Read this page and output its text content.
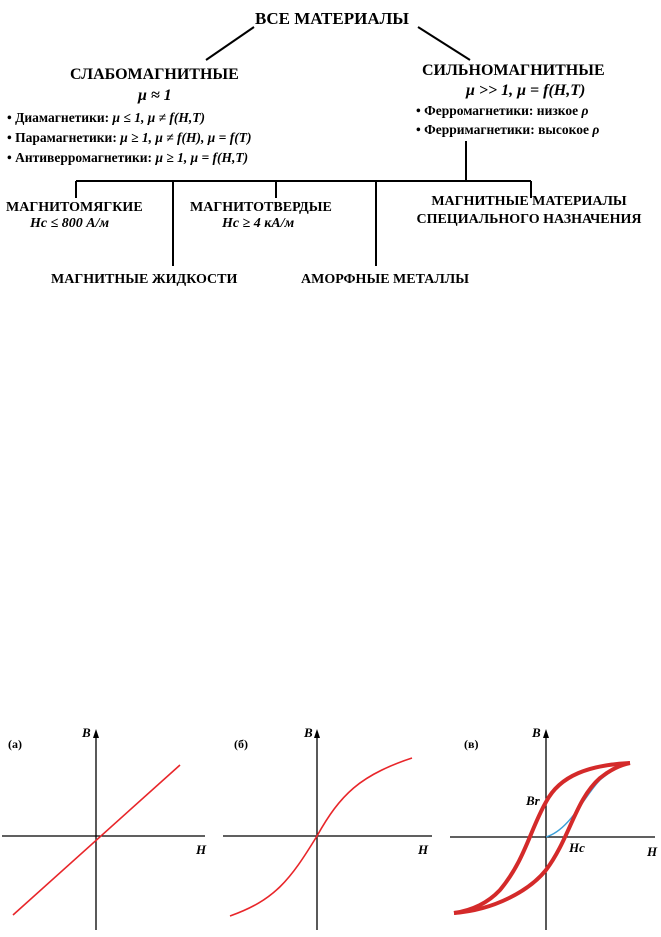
ВСЕ МАТЕРИАЛЫ
СЛАБОМАГНИТНЫЕ
μ ≈ 1
• Диамагнетики: μ ≤ 1, μ ≠ f(H,T)
• Парамагнетики: μ ≥ 1, μ ≠ f(H), μ = f(T)
• Антиверромагнетики: μ ≥ 1, μ = f(H,T)
СИЛЬНОМАГНИТНЫЕ
μ >> 1, μ = f(H,T)
• Ферромагнетики: низкое ρ
• Ферримагнетики: высокое ρ
МАГНИТОМЯГКИЕ
Hc ≤ 800 А/м
МАГНИТОТВЕРДЫЕ
Hc ≥ 4 кА/м
МАГНИТНЫЕ МАТЕРИАЛЫ
СПЕЦИАЛЬНОГО НАЗНАЧЕНИЯ
МАГНИТНЫЕ ЖИДКОСТИ	АМОРФНЫЕ МЕТАЛЛЫ
(а)
B
H
(б)
B
H
(в)
B
H
Br
Hc
